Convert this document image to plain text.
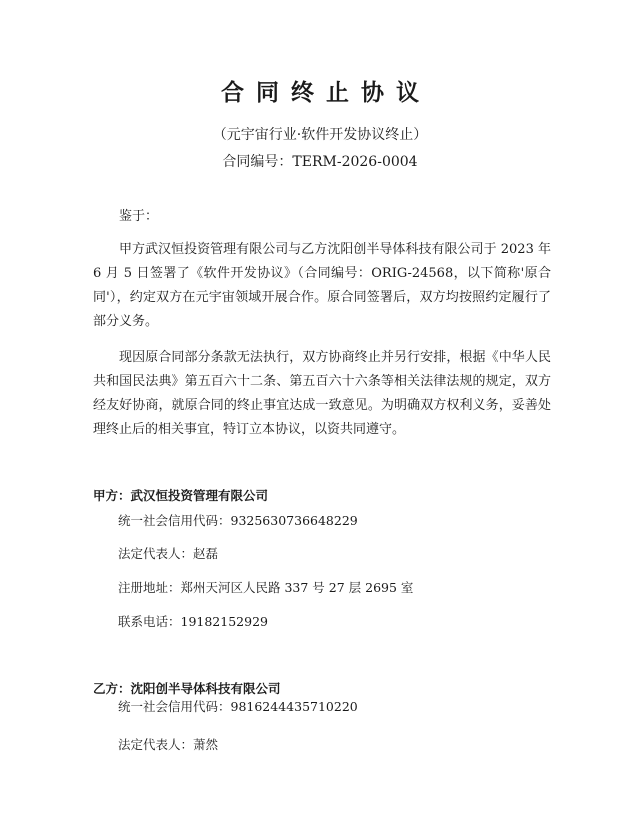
合同终止协议
（元宇宙行业·软件开发协议终止）
合同编号：TERM-2026-0004
鉴于：
甲方武汉恒投资管理有限公司与乙方沈阳创半导体科技有限公司于 2023 年 6 月 5 日签署了《软件开发协议》（合同编号：ORIG-24568，以下简称'原合同'），约定双方在元宇宙领域开展合作。原合同签署后，双方均按照约定履行了部分义务。
现因原合同部分条款无法执行，双方协商终止并另行安排，根据《中华人民共和国民法典》第五百六十二条、第五百六十六条等相关法律法规的规定，双方经友好协商，就原合同的终止事宜达成一致意见。为明确双方权利义务，妥善处理终止后的相关事宜，特订立本协议，以资共同遵守。
甲方：武汉恒投资管理有限公司
统一社会信用代码：9325630736648229
法定代表人：赵磊
注册地址：郑州天河区人民路 337 号 27 层 2695 室
联系电话：19182152929
乙方：沈阳创半导体科技有限公司
统一社会信用代码：9816244435710220
法定代表人：萧然
